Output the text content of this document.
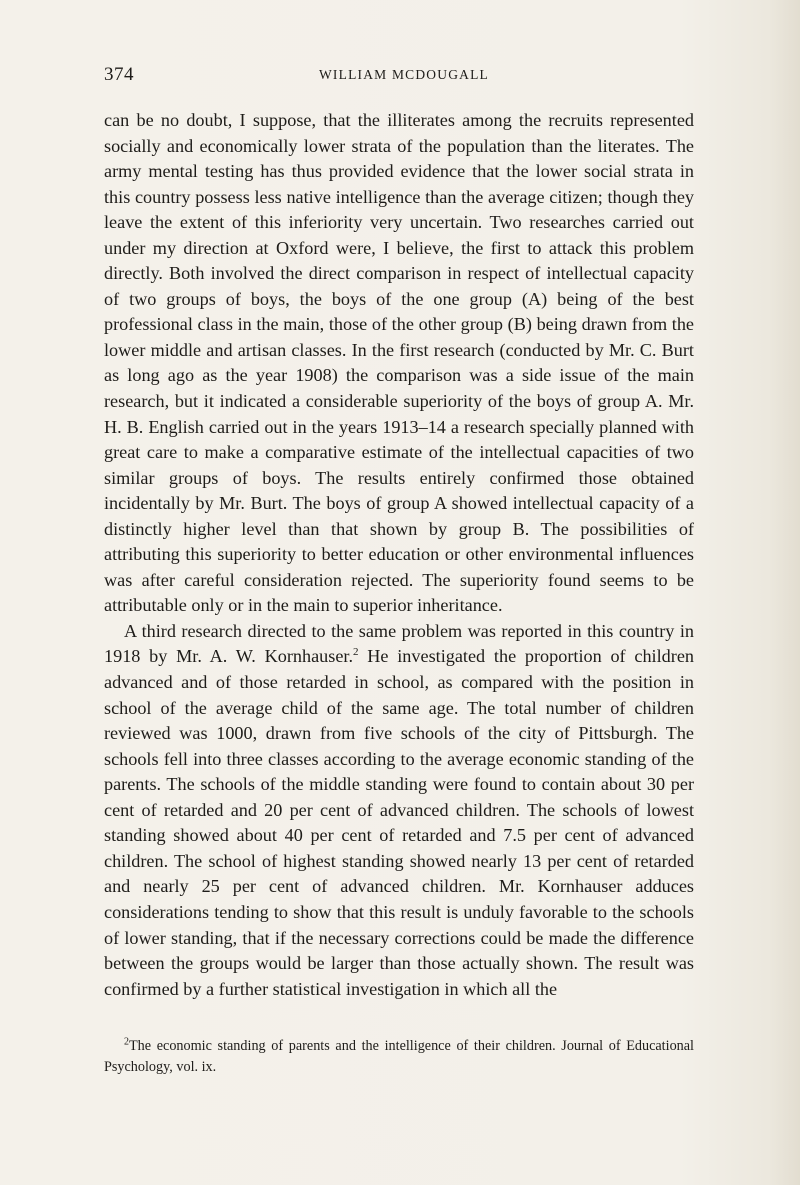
374	WILLIAM MCDOUGALL

can be no doubt, I suppose, that the illiterates among the recruits represented socially and economically lower strata of the population than the literates. The army mental testing has thus provided evidence that the lower social strata in this country possess less native intelligence than the average citizen; though they leave the extent of this inferiority very uncertain. Two researches carried out under my direction at Oxford were, I believe, the first to attack this problem directly. Both involved the direct comparison in respect of intellectual capacity of two groups of boys, the boys of the one group (A) being of the best professional class in the main, those of the other group (B) being drawn from the lower middle and artisan classes. In the first research (conducted by Mr. C. Burt as long ago as the year 1908) the comparison was a side issue of the main research, but it indicated a considerable superiority of the boys of group A. Mr. H. B. English carried out in the years 1913–14 a research specially planned with great care to make a comparative estimate of the intellectual capacities of two similar groups of boys. The results entirely confirmed those obtained incidentally by Mr. Burt. The boys of group A showed intellectual capacity of a distinctly higher level than that shown by group B. The possibilities of attributing this superiority to better education or other environmental influences was after careful consideration rejected. The superiority found seems to be attributable only or in the main to superior inheritance.

A third research directed to the same problem was reported in this country in 1918 by Mr. A. W. Kornhauser.$^2$ He investigated the proportion of children advanced and of those retarded in school, as compared with the position in school of the average child of the same age. The total number of children reviewed was 1000, drawn from five schools of the city of Pittsburgh. The schools fell into three classes according to the average economic standing of the parents. The schools of the middle standing were found to contain about 30 per cent of retarded and 20 per cent of advanced children. The schools of lowest standing showed about 40 per cent of retarded and 7.5 per cent of advanced children. The school of highest standing showed nearly 13 per cent of retarded and nearly 25 per cent of advanced children. Mr. Kornhauser adduces considerations tending to show that this result is unduly favorable to the schools of lower standing, that if the necessary corrections could be made the difference between the groups would be larger than those actually shown. The result was confirmed by a further statistical investigation in which all the

$^2$The economic standing of parents and the intelligence of their children. Journal of Educational Psychology, vol. ix.
